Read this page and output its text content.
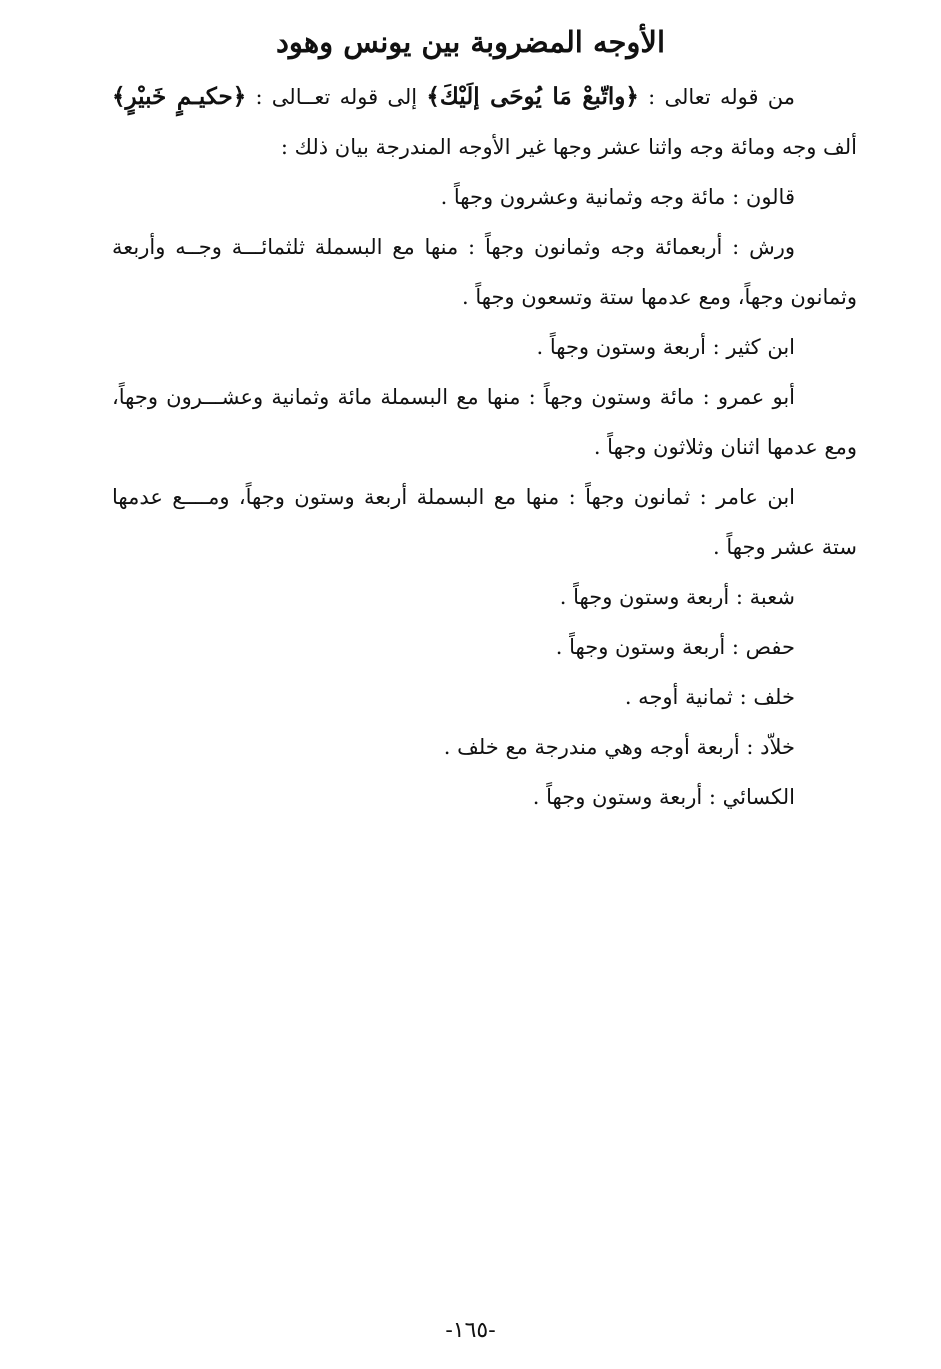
الأوجه المضروبة بين يونس وهود

من قوله تعالى : ﴿واتّبعْ مَا يُوحَى إلَيْكَ﴾ إلى قوله تعــالى : ﴿حكيـمٍ خَبيْرٍ﴾ ألف وجه ومائة وجه واثنا عشر وجها غير الأوجه المندرجة بيان ذلك :

قالون : مائة وجه وثمانية وعشرون وجهاً .

ورش : أربعمائة وجه وثمانون وجهاً : منها مع البسملة ثلثمائـــة وجــه وأربعة وثمانون وجهاً، ومع عدمها ستة وتسعون وجهاً .

ابن كثير : أربعة وستون وجهاً .

أبو عمرو : مائة وستون وجهاً : منها مع البسملة مائة وثمانية وعشـــرون وجهاً، ومع عدمها اثنان وثلاثون وجهاً .

ابن عامر : ثمانون وجهاً : منها مع البسملة أربعة وستون وجهاً، ومــــع عدمها ستة عشر وجهاً .

شعبة : أربعة وستون وجهاً .

حفص : أربعة وستون وجهاً .

خلف : ثمانية أوجه .

خلاّد : أربعة أوجه وهي مندرجة مع خلف .

الكسائي : أربعة وستون وجهاً .

-١٦٥-
